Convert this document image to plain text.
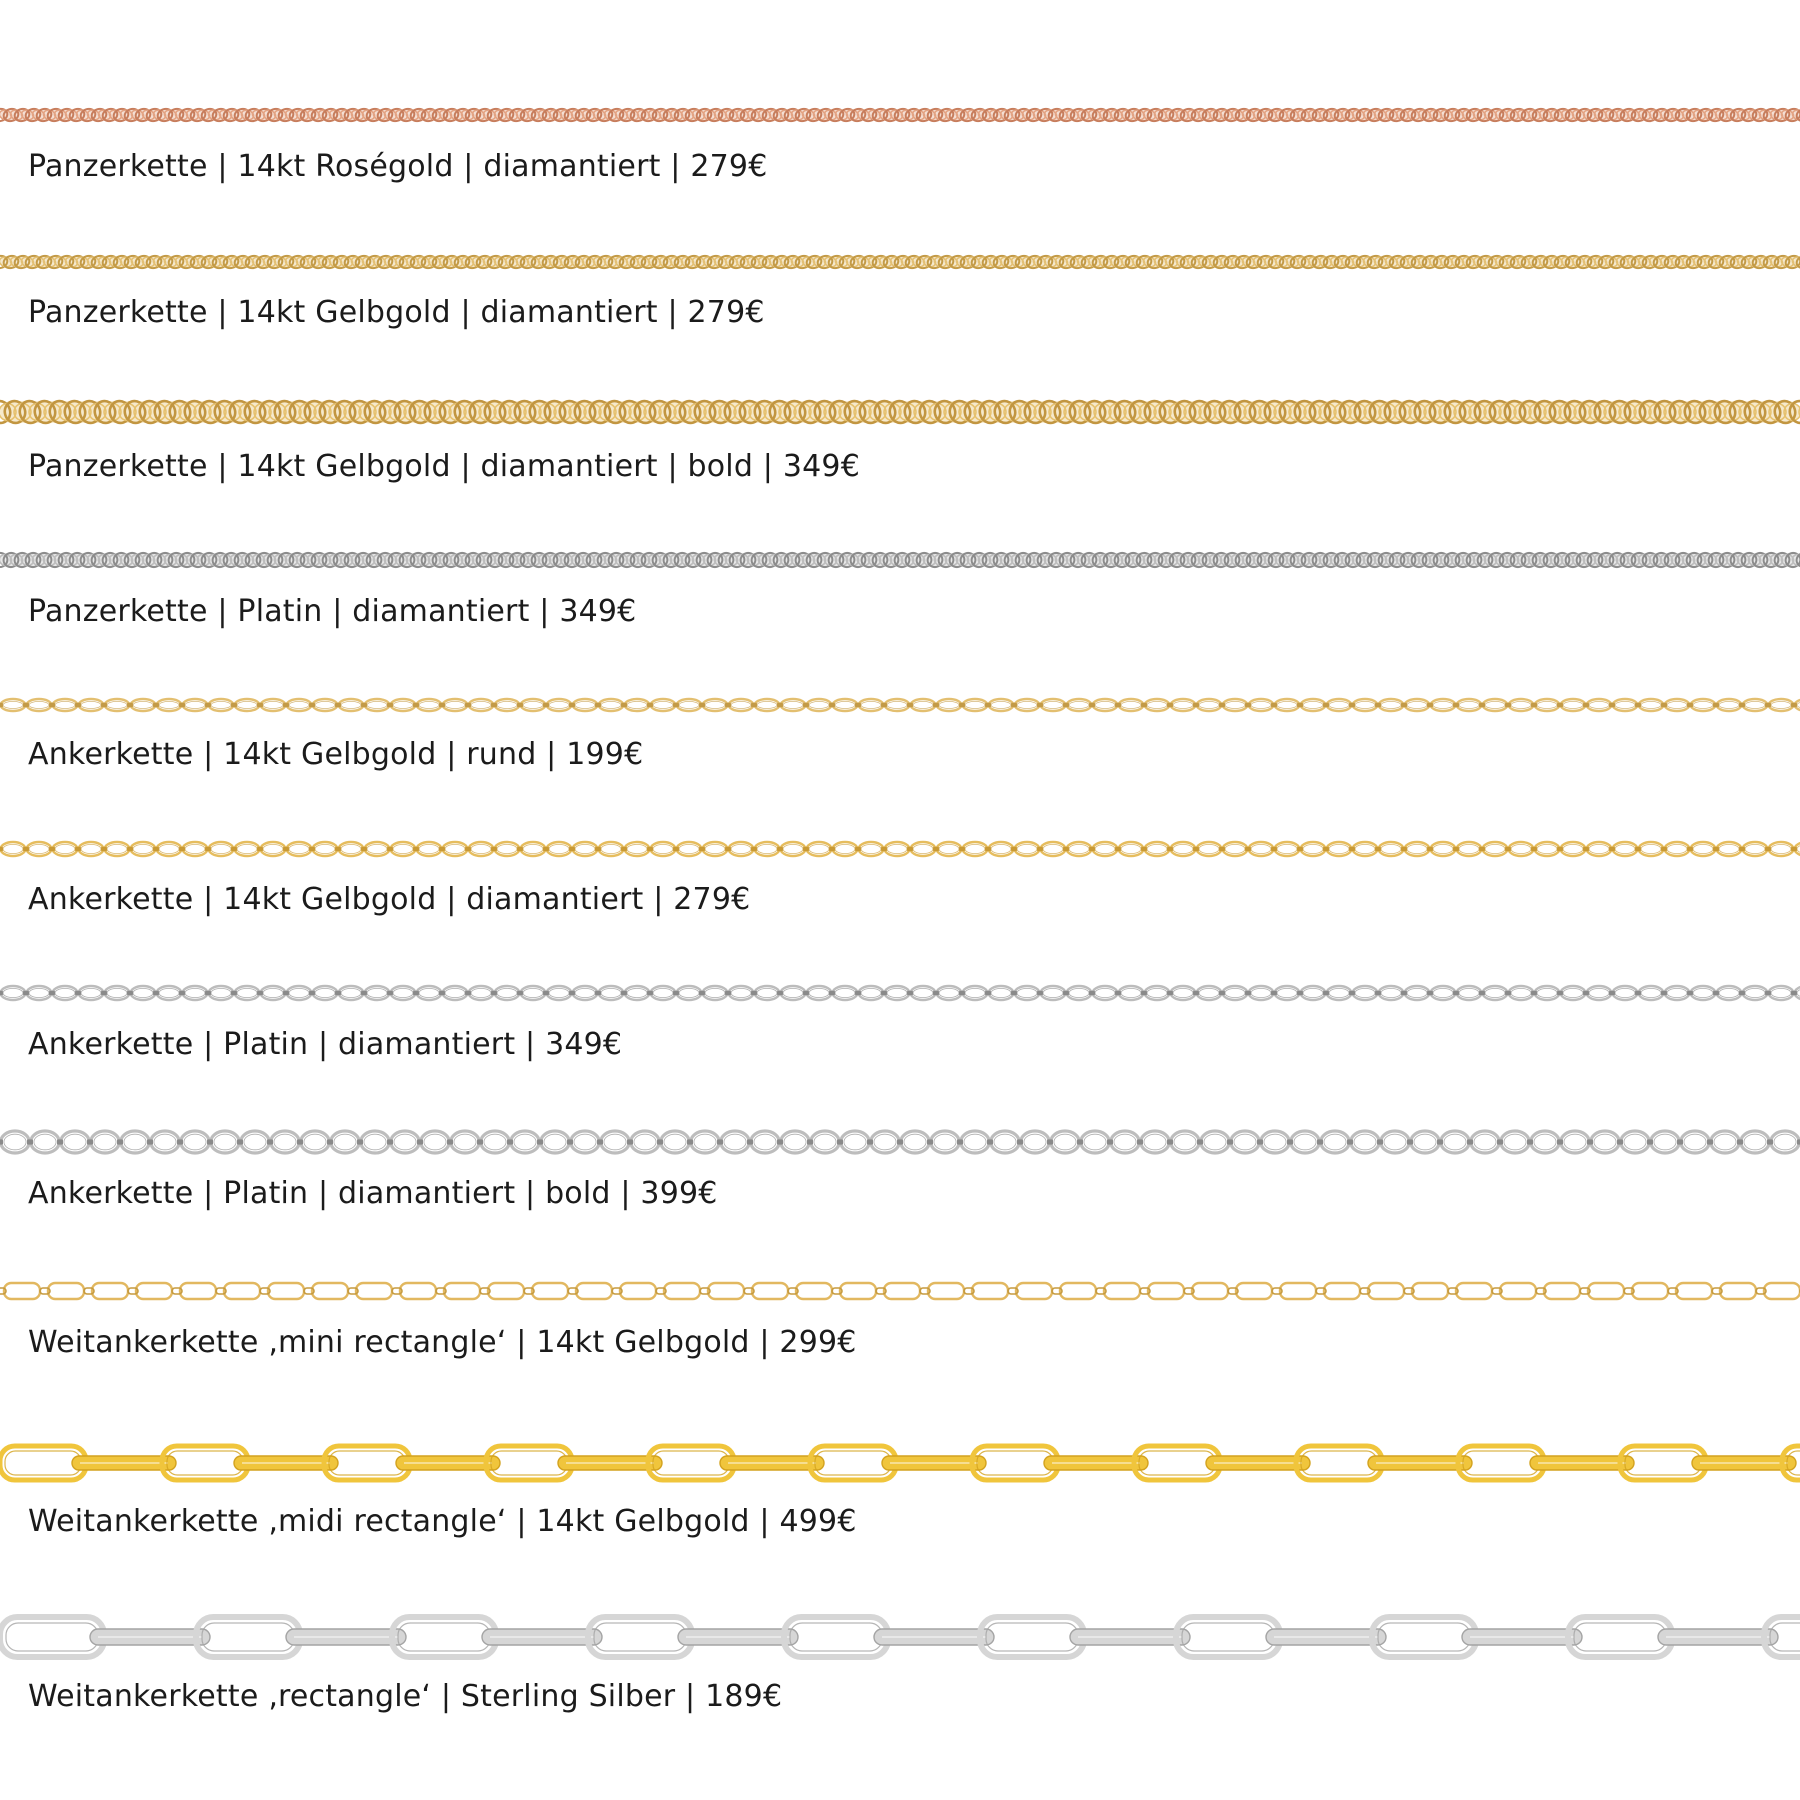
Panzerkette | 14kt Roségold | diamantiert | 279€

Panzerkette | 14kt Gelbgold | diamantiert | 279€

Panzerkette | 14kt Gelbgold | diamantiert | bold | 349€

Panzerkette | Platin | diamantiert | 349€

Ankerkette | 14kt Gelbgold | rund | 199€

Ankerkette | 14kt Gelbgold | diamantiert | 279€

Ankerkette | Platin | diamantiert | 349€

Ankerkette | Platin | diamantiert | bold | 399€

Weitankerkette ‚mini rectangle‘ | 14kt Gelbgold | 299€

Weitankerkette ‚midi rectangle‘ | 14kt Gelbgold | 499€

Weitankerkette ‚rectangle‘ | Sterling Silber | 189€
